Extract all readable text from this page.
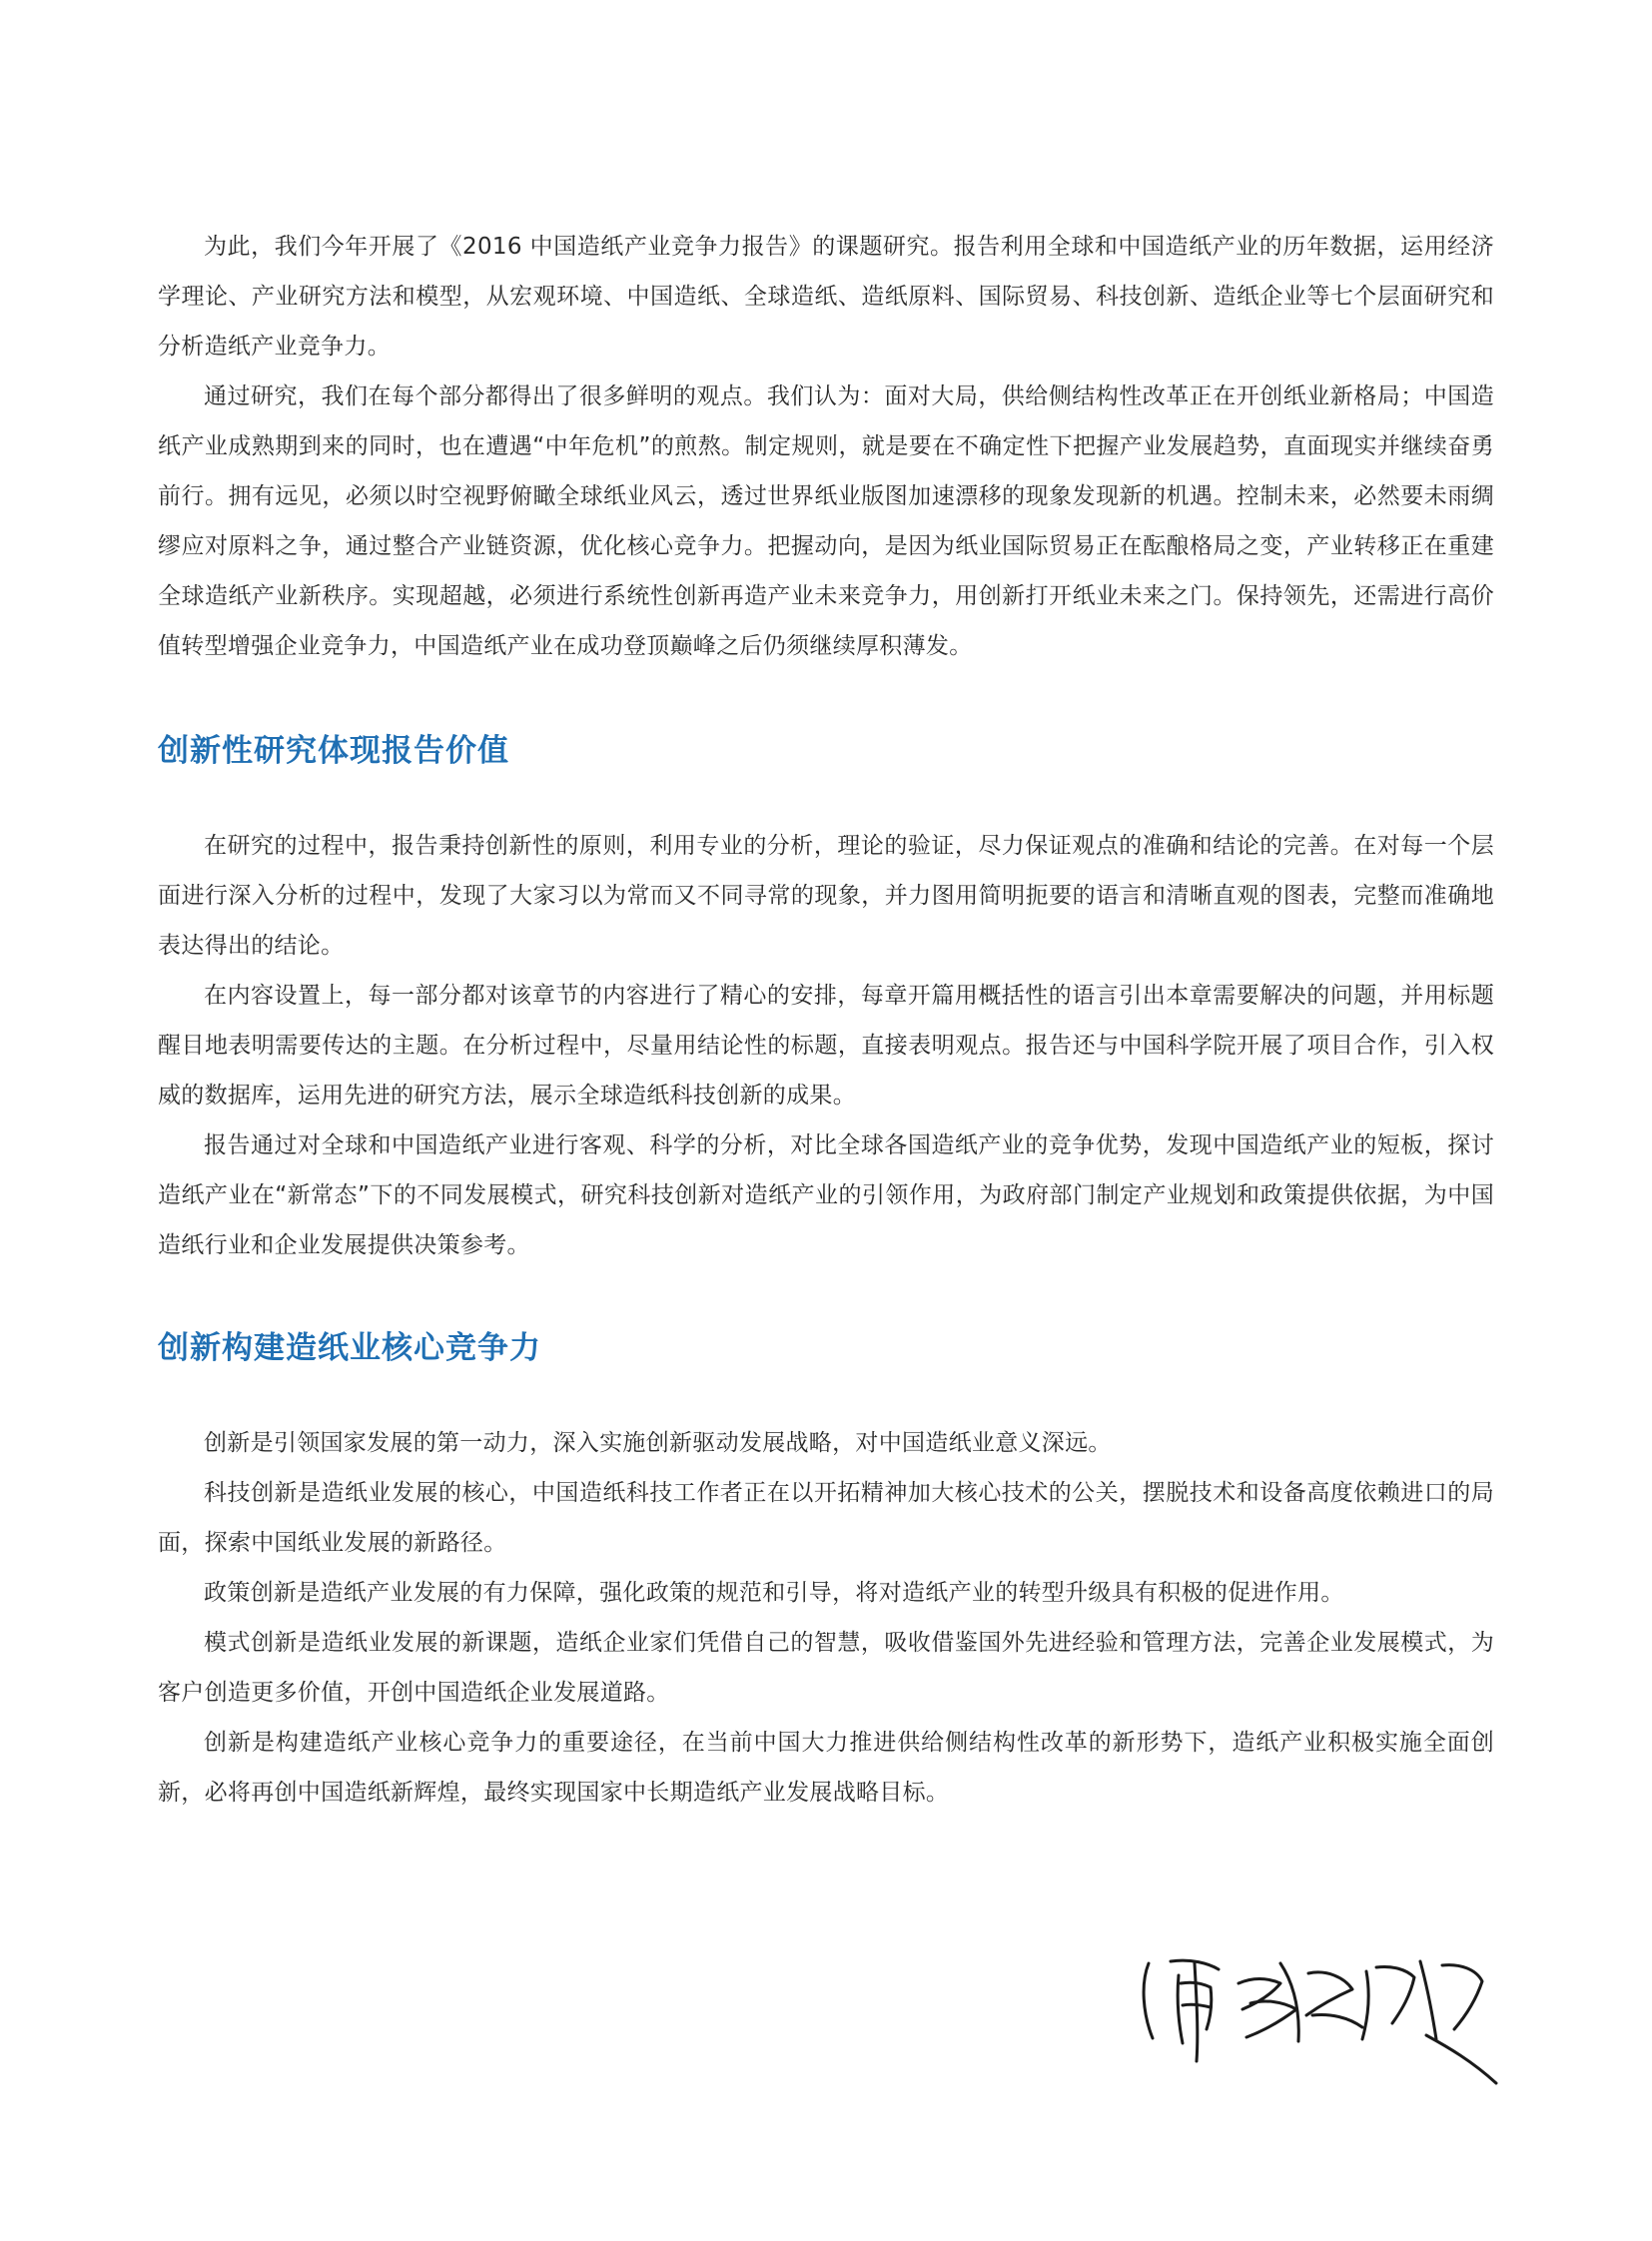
为此，我们今年开展了《2016 中国造纸产业竞争力报告》的课题研究。报告利用全球和中国造纸产业的历年数据，运用经济学理论、产业研究方法和模型，从宏观环境、中国造纸、全球造纸、造纸原料、国际贸易、科技创新、造纸企业等七个层面研究和分析造纸产业竞争力。

通过研究，我们在每个部分都得出了很多鲜明的观点。我们认为：面对大局，供给侧结构性改革正在开创纸业新格局；中国造纸产业成熟期到来的同时，也在遭遇“中年危机”的煎熬。制定规则，就是要在不确定性下把握产业发展趋势，直面现实并继续奋勇前行。拥有远见，必须以时空视野俯瞰全球纸业风云，透过世界纸业版图加速漂移的现象发现新的机遇。控制未来，必然要未雨绸缪应对原料之争，通过整合产业链资源，优化核心竞争力。把握动向，是因为纸业国际贸易正在酝酿格局之变，产业转移正在重建全球造纸产业新秩序。实现超越，必须进行系统性创新再造产业未来竞争力，用创新打开纸业未来之门。保持领先，还需进行高价值转型增强企业竞争力，中国造纸产业在成功登顶巅峰之后仍须继续厚积薄发。

创新性研究体现报告价值

在研究的过程中，报告秉持创新性的原则，利用专业的分析，理论的验证，尽力保证观点的准确和结论的完善。在对每一个层面进行深入分析的过程中，发现了大家习以为常而又不同寻常的现象，并力图用简明扼要的语言和清晰直观的图表，完整而准确地表达得出的结论。

在内容设置上，每一部分都对该章节的内容进行了精心的安排，每章开篇用概括性的语言引出本章需要解决的问题，并用标题醒目地表明需要传达的主题。在分析过程中，尽量用结论性的标题，直接表明观点。报告还与中国科学院开展了项目合作，引入权威的数据库，运用先进的研究方法，展示全球造纸科技创新的成果。

报告通过对全球和中国造纸产业进行客观、科学的分析，对比全球各国造纸产业的竞争优势，发现中国造纸产业的短板，探讨造纸产业在“新常态”下的不同发展模式，研究科技创新对造纸产业的引领作用，为政府部门制定产业规划和政策提供依据，为中国造纸行业和企业发展提供决策参考。

创新构建造纸业核心竞争力

创新是引领国家发展的第一动力，深入实施创新驱动发展战略，对中国造纸业意义深远。

科技创新是造纸业发展的核心，中国造纸科技工作者正在以开拓精神加大核心技术的公关，摆脱技术和设备高度依赖进口的局面，探索中国纸业发展的新路径。

政策创新是造纸产业发展的有力保障，强化政策的规范和引导，将对造纸产业的转型升级具有积极的促进作用。

模式创新是造纸业发展的新课题，造纸企业家们凭借自己的智慧，吸收借鉴国外先进经验和管理方法，完善企业发展模式，为客户创造更多价值，开创中国造纸企业发展道路。

创新是构建造纸产业核心竞争力的重要途径，在当前中国大力推进供给侧结构性改革的新形势下，造纸产业积极实施全面创新，必将再创中国造纸新辉煌，最终实现国家中长期造纸产业发展战略目标。
